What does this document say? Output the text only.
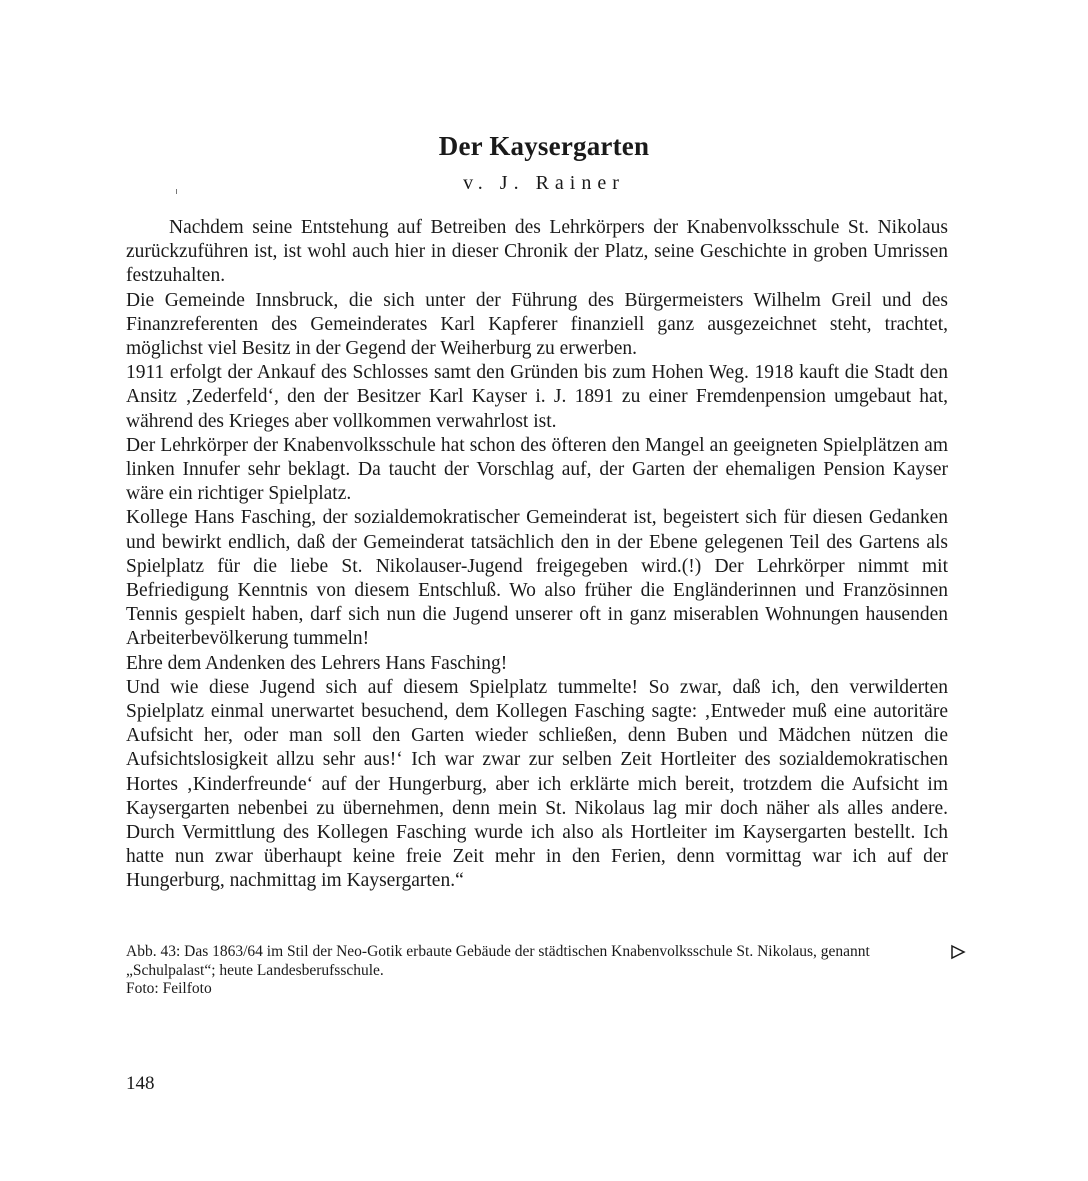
Der Kaysergarten
v. J. Rainer

Nachdem seine Entstehung auf Betreiben des Lehrkörpers der Knabenvolksschule St. Nikolaus zurückzuführen ist, ist wohl auch hier in dieser Chronik der Platz, seine Geschichte in groben Umrissen festzuhalten.

Die Gemeinde Innsbruck, die sich unter der Führung des Bürgermeisters Wilhelm Greil und des Finanzreferenten des Gemeinderates Karl Kapferer finanziell ganz ausgezeichnet steht, trachtet, möglichst viel Besitz in der Gegend der Weiherburg zu erwerben.

1911 erfolgt der Ankauf des Schlosses samt den Gründen bis zum Hohen Weg. 1918 kauft die Stadt den Ansitz ‚Zederfeld‘, den der Besitzer Karl Kayser i. J. 1891 zu einer Fremdenpension umgebaut hat, während des Krieges aber vollkommen verwahrlost ist.

Der Lehrkörper der Knabenvolksschule hat schon des öfteren den Mangel an geeigneten Spielplätzen am linken Innufer sehr beklagt. Da taucht der Vorschlag auf, der Garten der ehemaligen Pension Kayser wäre ein richtiger Spielplatz.

Kollege Hans Fasching, der sozialdemokratischer Gemeinderat ist, begeistert sich für diesen Gedanken und bewirkt endlich, daß der Gemeinderat tatsächlich den in der Ebene gelegenen Teil des Gartens als Spielplatz für die liebe St. Nikolauser-Jugend freigegeben wird.(!) Der Lehrkörper nimmt mit Befriedigung Kenntnis von diesem Entschluß. Wo also früher die Engländerinnen und Französinnen Tennis gespielt haben, darf sich nun die Jugend unserer oft in ganz miserablen Wohnungen hausenden Arbeiterbevölkerung tummeln!

Ehre dem Andenken des Lehrers Hans Fasching!

Und wie diese Jugend sich auf diesem Spielplatz tummelte! So zwar, daß ich, den verwilderten Spielplatz einmal unerwartet besuchend, dem Kollegen Fasching sagte: ‚Entweder muß eine autoritäre Aufsicht her, oder man soll den Garten wieder schließen, denn Buben und Mädchen nützen die Aufsichtslosigkeit allzu sehr aus!‘ Ich war zwar zur selben Zeit Hortleiter des sozialdemokratischen Hortes ‚Kinderfreunde‘ auf der Hungerburg, aber ich erklärte mich bereit, trotzdem die Aufsicht im Kaysergarten nebenbei zu übernehmen, denn mein St. Nikolaus lag mir doch näher als alles andere. Durch Vermittlung des Kollegen Fasching wurde ich also als Hortleiter im Kaysergarten bestellt. Ich hatte nun zwar überhaupt keine freie Zeit mehr in den Ferien, denn vormittag war ich auf der Hungerburg, nachmittag im Kaysergarten.“

Abb. 43: Das 1863/64 im Stil der Neo-Gotik erbaute Gebäude der städtischen Knabenvolksschule St. Nikolaus, genannt
„Schulpalast“; heute Landesberufsschule.
Foto: Feilfoto
148
